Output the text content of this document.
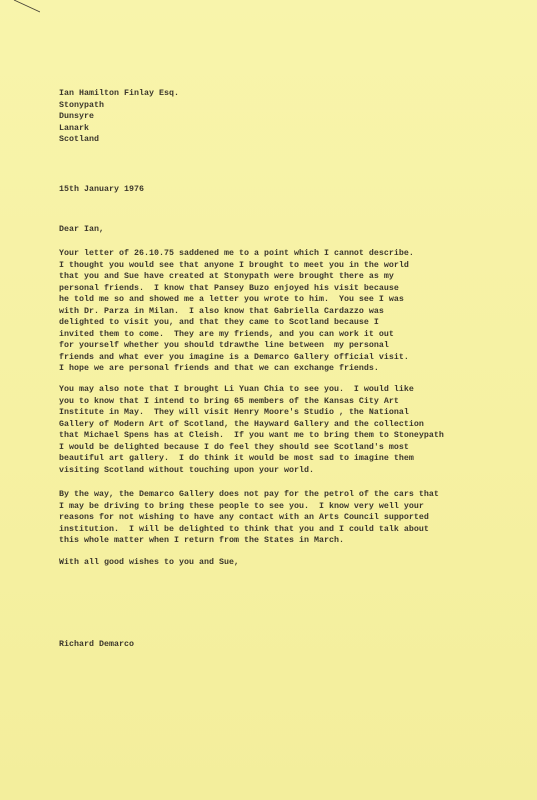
Ian Hamilton Finlay Esq.
Stonypath
Dunsyre
Lanark
Scotland

15th January 1976

Dear Ian,

Your letter of 26.10.75 saddened me to a point which I cannot describe.
I thought you would see that anyone I brought to meet you in the world
that you and Sue have created at Stonypath were brought there as my
personal friends.  I know that Pansey Buzo enjoyed his visit because
he told me so and showed me a letter you wrote to him.  You see I was
with Dr. Parza in Milan.  I also know that Gabriella Cardazzo was
delighted to visit you, and that they came to Scotland because I
invited them to come.  They are my friends, and you can work it out
for yourself whether you should tdrawthe line between  my personal
friends and what ever you imagine is a Demarco Gallery official visit.
I hope we are personal friends and that we can exchange friends.

You may also note that I brought Li Yuan Chia to see you.  I would like
you to know that I intend to bring 65 members of the Kansas City Art
Institute in May.  They will visit Henry Moore's Studio , the National
Gallery of Modern Art of Scotland, the Hayward Gallery and the collection
that Michael Spens has at Cleish.  If you want me to bring them to Stoneypath
I would be delighted because I do feel they should see Scotland's most
beautiful art gallery.  I do think it would be most sad to imagine them
visiting Scotland without touching upon your world.

By the way, the Demarco Gallery does not pay for the petrol of the cars that
I may be driving to bring these people to see you.  I know very well your
reasons for not wishing to have any contact with an Arts Council supported
institution.  I will be delighted to think that you and I could talk about
this whole matter when I return from the States in March.

With all good wishes to you and Sue,

Richard Demarco
